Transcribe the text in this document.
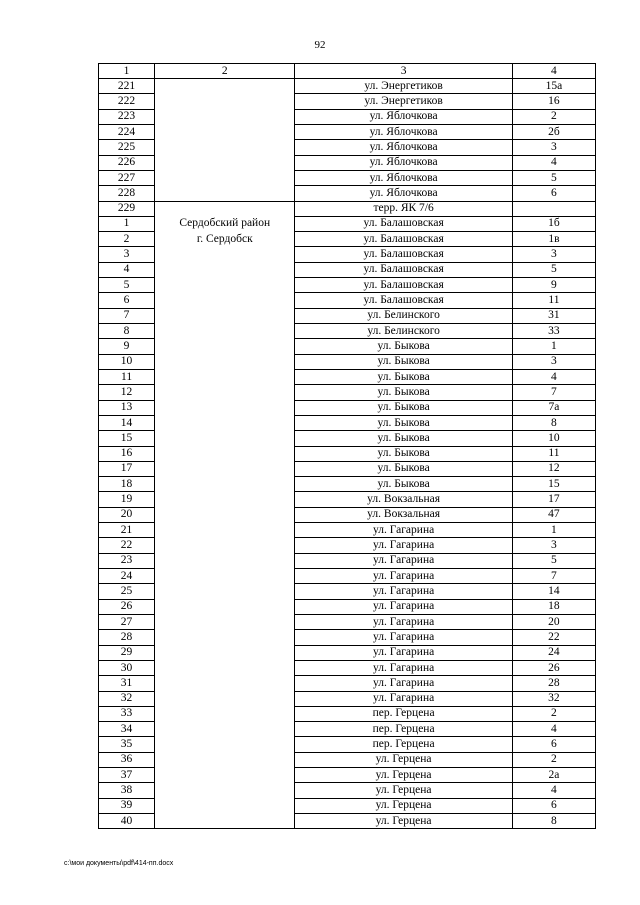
92
1	2	3	4
221		ул. Энергетиков	15а
222		ул. Энергетиков	16
223		ул. Яблочкова	2
224		ул. Яблочкова	2б
225		ул. Яблочкова	3
226		ул. Яблочкова	4
227		ул. Яблочкова	5
228		ул. Яблочкова	6
229		терр. ЯК 7/6	
1	Сердобский район	ул. Балашовская	1б
2	г. Сердобск	ул. Балашовская	1в
3		ул. Балашовская	3
4		ул. Балашовская	5
5		ул. Балашовская	9
6		ул. Балашовская	11
7		ул. Белинского	31
8		ул. Белинского	33
9		ул. Быкова	1
10		ул. Быкова	3
11		ул. Быкова	4
12		ул. Быкова	7
13		ул. Быкова	7а
14		ул. Быкова	8
15		ул. Быкова	10
16		ул. Быкова	11
17		ул. Быкова	12
18		ул. Быкова	15
19		ул. Вокзальная	17
20		ул. Вокзальная	47
21		ул. Гагарина	1
22		ул. Гагарина	3
23		ул. Гагарина	5
24		ул. Гагарина	7
25		ул. Гагарина	14
26		ул. Гагарина	18
27		ул. Гагарина	20
28		ул. Гагарина	22
29		ул. Гагарина	24
30		ул. Гагарина	26
31		ул. Гагарина	28
32		ул. Гагарина	32
33		пер. Герцена	2
34		пер. Герцена	4
35		пер. Герцена	6
36		ул. Герцена	2
37		ул. Герцена	2а
38		ул. Герцена	4
39		ул. Герцена	6
40		ул. Герцена	8
c:\мои документы\pdf\414-пп.docx
